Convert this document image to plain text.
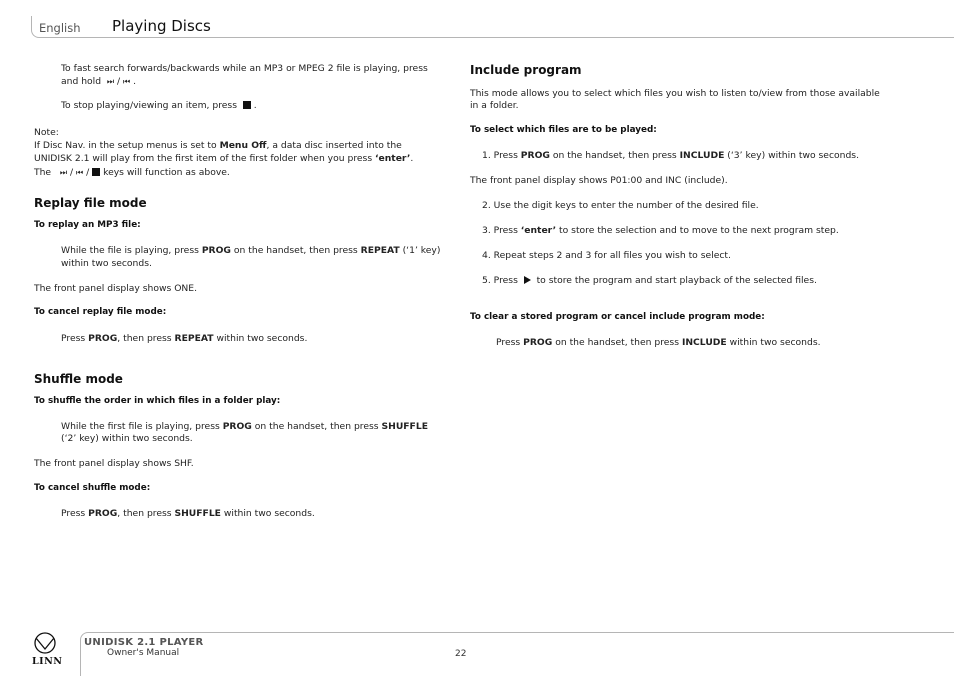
English Playing Discs
To fast search forwards/backwards while an MP3 or MPEG 2 file is playing, press
and hold ⏭ / ⏮ .
To stop playing/viewing an item, press .
Note:
If Disc Nav. in the setup menus is set to Menu Off, a data disc inserted into the
UNIDISK 2.1 will play from the first item of the first folder when you press ‘enter’.
The ⏭ / ⏮ / keys will function as above.
Replay file mode
To replay an MP3 file:
While the file is playing, press PROG on the handset, then press REPEAT (‘1’ key)
within two seconds.
The front panel display shows ONE.
To cancel replay file mode:
Press PROG, then press REPEAT within two seconds.
Shuffle mode
To shuffle the order in which files in a folder play:
While the first file is playing, press PROG on the handset, then press SHUFFLE
(‘2’ key) within two seconds.
The front panel display shows SHF.
To cancel shuffle mode:
Press PROG, then press SHUFFLE within two seconds.
Include program
This mode allows you to select which files you wish to listen to/view from those available
in a folder.
To select which files are to be played:
1. Press PROG on the handset, then press INCLUDE (‘3’ key) within two seconds.
The front panel display shows P01:00 and INC (include).
2. Use the digit keys to enter the number of the desired file.
3. Press ‘enter’ to store the selection and to move to the next program step.
4. Repeat steps 2 and 3 for all files you wish to select.
5. Press to store the program and start playback of the selected files.
To clear a stored program or cancel include program mode:
Press PROG on the handset, then press INCLUDE within two seconds.
LINN
UNIDISK 2.1 PLAYER
Owner's Manual	22
